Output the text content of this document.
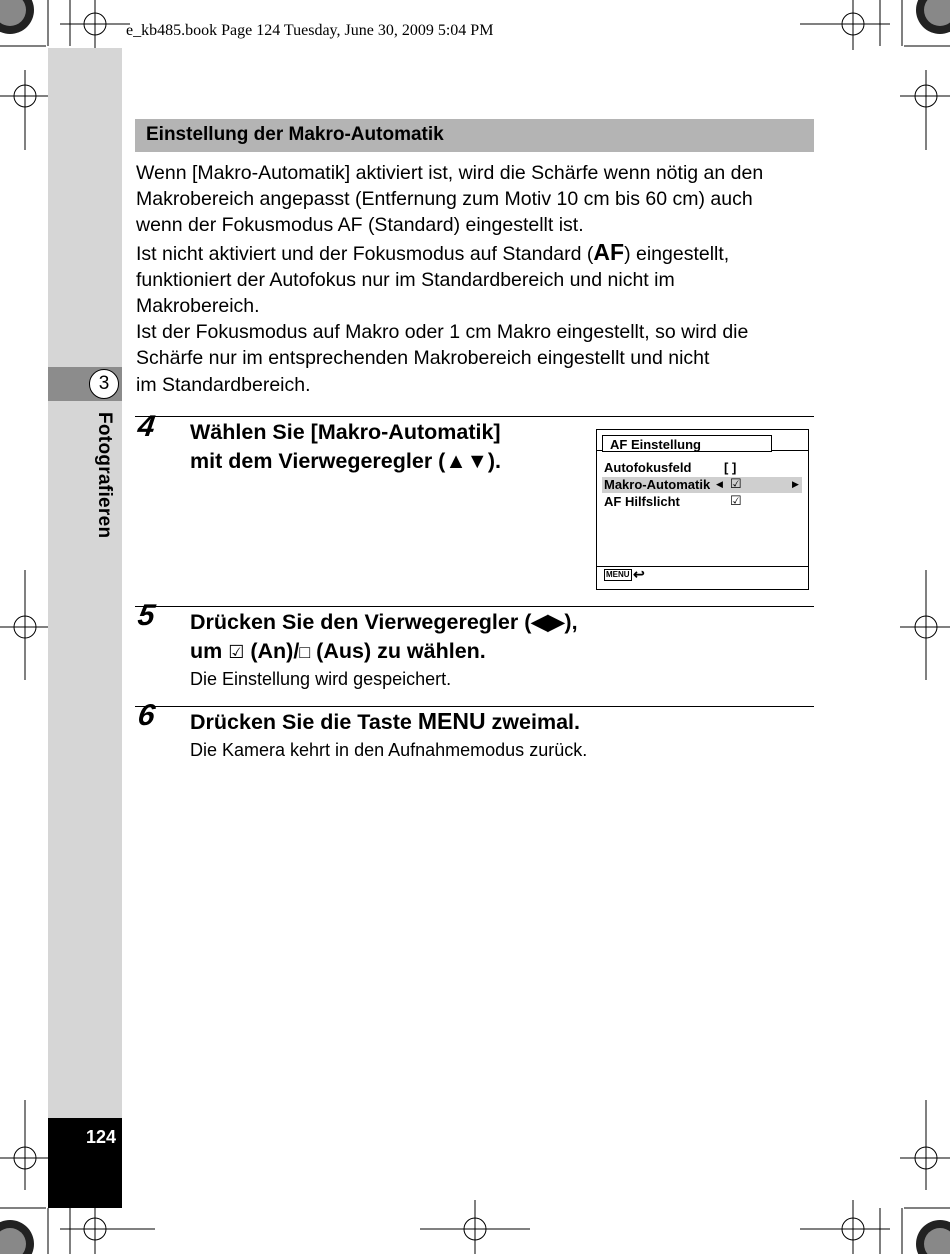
e_kb485.book Page 124 Tuesday, June 30, 2009 5:04 PM
3
Fotografieren
124
Einstellung der Makro-Automatik
Wenn [Makro-Automatik] aktiviert ist, wird die Schärfe wenn nötig an den
Makrobereich angepasst (Entfernung zum Motiv 10 cm bis 60 cm) auch
wenn der Fokusmodus AF (Standard) eingestellt ist.
Ist nicht aktiviert und der Fokusmodus auf Standard (AF) eingestellt,
funktioniert der Autofokus nur im Standardbereich und nicht im
Makrobereich.
Ist der Fokusmodus auf Makro oder 1 cm Makro eingestellt, so wird die
Schärfe nur im entsprechenden Makrobereich eingestellt und nicht
im Standardbereich.
4 Wählen Sie [Makro-Automatik]
mit dem Vierwegeregler (▲▼).
AF Einstellung
Autofokusfeld	[ ]
Makro-Automatik ◀ ☑	▶
AF Hilfslicht	☑
MENU ↩
5 Drücken Sie den Vierwegeregler (◀▶),
um ☑ (An)/□ (Aus) zu wählen.
Die Einstellung wird gespeichert.
6 Drücken Sie die Taste MENU zweimal.
Die Kamera kehrt in den Aufnahmemodus zurück.
